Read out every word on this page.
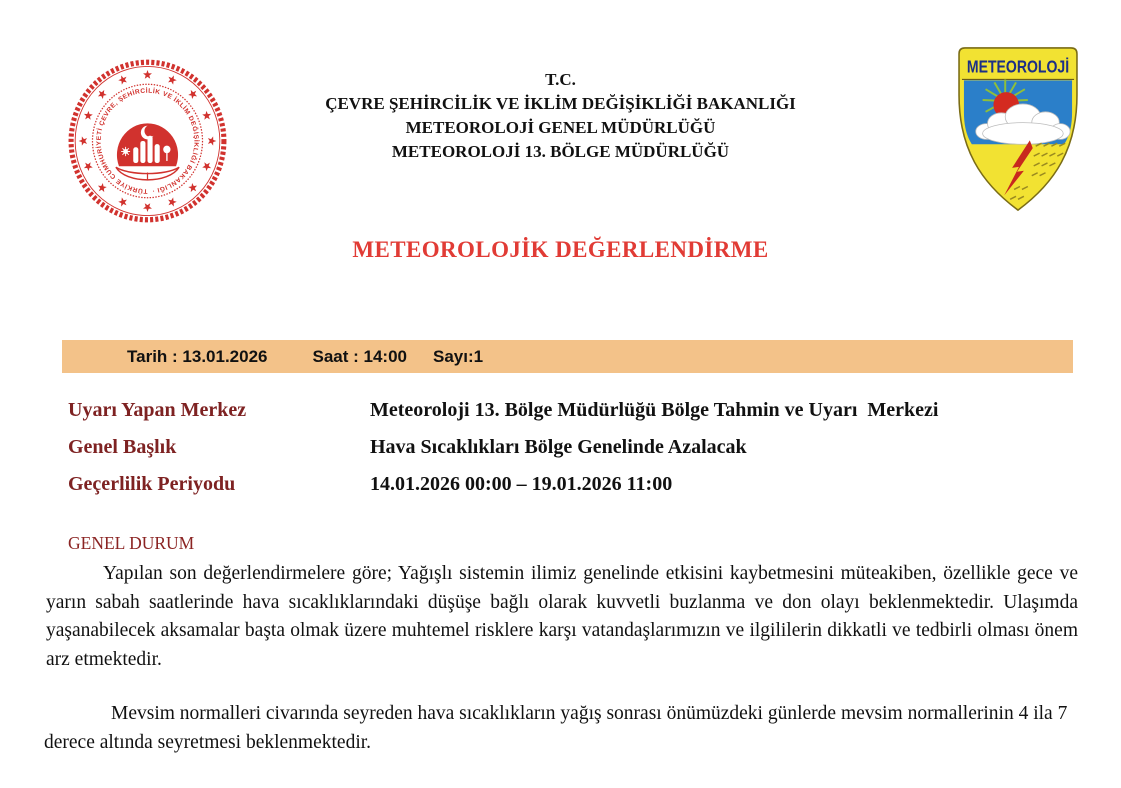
TÜRKİYE CUMHURİYETİ ÇEVRE, ŞEHİRCİLİK VE İKLİM DEĞİŞİKLİĞİ BAKANLIĞI ·
T.C.
ÇEVRE ŞEHİRCİLİK VE İKLİM DEĞİŞİKLİĞİ BAKANLIĞI
METEOROLOJİ GENEL MÜDÜRLÜĞÜ
METEOROLOJİ 13. BÖLGE MÜDÜRLÜĞÜ
METEOROLOJİ
METEOROLOJİK DEĞERLENDİRME
Tarih : 13.01.2026	Saat : 14:00 Sayı:1
Uyarı Yapan Merkez	Meteoroloji 13. Bölge Müdürlüğü Bölge Tahmin ve Uyarı  Merkezi
Genel Başlık	Hava Sıcaklıkları Bölge Genelinde Azalacak
Geçerlilik Periyodu	14.01.2026 00:00 – 19.01.2026 11:00
GENEL DURUM

Yapılan son değerlendirmelere göre; Yağışlı sistemin ilimiz genelinde etkisini kaybetmesini müteakiben, özellikle gece ve yarın sabah saatlerinde hava sıcaklıklarındaki düşüşe bağlı olarak kuvvetli buzlanma ve don olayı beklenmektedir. Ulaşımda yaşanabilecek aksamalar başta olmak üzere muhtemel risklere karşı vatandaşlarımızın ve ilgililerin dikkatli ve tedbirli olması önem arz etmektedir.

Mevsim normalleri civarında seyreden hava sıcaklıkların yağış sonrası önümüzdeki günlerde mevsim normallerinin 4 ila 7 derece altında seyretmesi beklenmektedir.
